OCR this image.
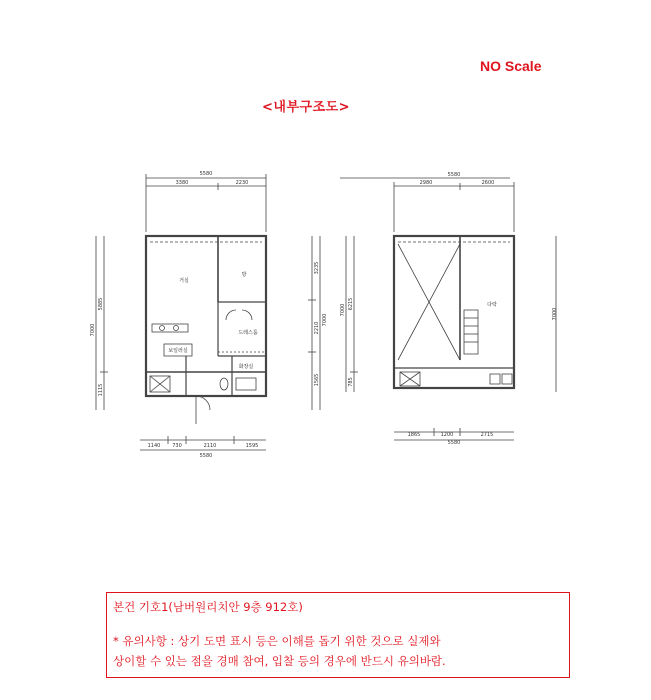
NO Scale
<내부구조도>
5580
3380	2230
7000
5885
1115
3235
2210
1565
7000
1140 730	2110	1595
5580
거실
방
드레스룸
보일러실
화장실
2980	2600
5580
7000 6215
785
7000
1865	1200	2715
5580
다락
본건 기호1(남버원리치안 9층 912호)
* 유의사항 : 상기 도면 표시 등은 이해를 돕기 위한 것으로 실제와
상이할 수 있는 점을 경매 참여, 입찰 등의 경우에 반드시 유의바람.
